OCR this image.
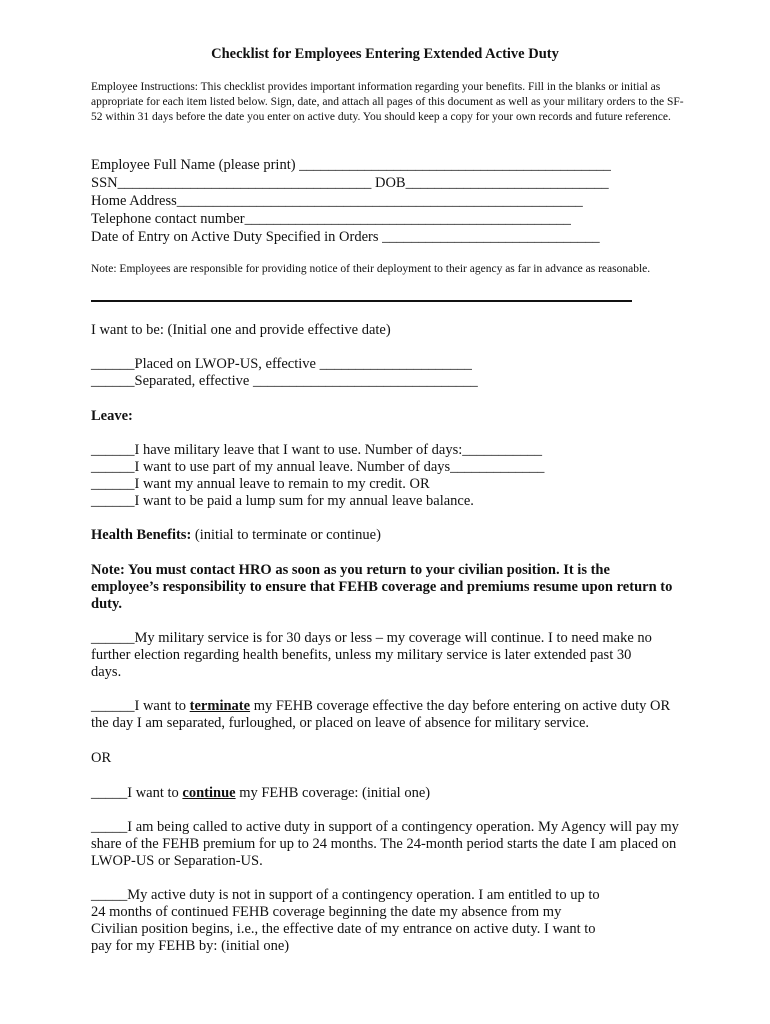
Checklist for Employees Entering Extended Active Duty
Employee Instructions: This checklist provides important information regarding your benefits. Fill in the blanks or initial as appropriate for each item listed below. Sign, date, and attach all pages of this document as well as your military orders to the SF-52 within 31 days before the date you enter on active duty. You should keep a copy for your own records and future reference.
Employee Full Name (please print) ___________________________________________
SSN___________________________________ DOB____________________________
Home Address________________________________________________________
Telephone contact number_____________________________________________
Date of Entry on Active Duty Specified in Orders ______________________________
Note: Employees are responsible for providing notice of their deployment to their agency as far in advance as reasonable.
I want to be: (Initial one and provide effective date)
______Placed on LWOP-US, effective _____________________
______Separated, effective _______________________________
Leave:
______I have military leave that I want to use. Number of days:___________
______I want to use part of my annual leave. Number of days_____________
______I want my annual leave to remain to my credit. OR
______I want to be paid a lump sum for my annual leave balance.
Health Benefits: (initial to terminate or continue)
Note: You must contact HRO as soon as you return to your civilian position. It is the employee’s responsibility to ensure that FEHB coverage and premiums resume upon return to duty.
______My military service is for 30 days or less – my coverage will continue. I to need make no further election regarding health benefits, unless my military service is later extended past 30 days.
______I want to terminate my FEHB coverage effective the day before entering on active duty OR the day I am separated, furloughed, or placed on leave of absence for military service.
OR
_____I want to continue my FEHB coverage: (initial one)
_____I am being called to active duty in support of a contingency operation. My Agency will pay my share of the FEHB premium for up to 24 months. The 24-month period starts the date I am placed on LWOP-US or Separation-US.
_____My active duty is not in support of a contingency operation. I am entitled to up to 24 months of continued FEHB coverage beginning the date my absence from my Civilian position begins, i.e., the effective date of my entrance on active duty. I want to pay for my FEHB by: (initial one)
